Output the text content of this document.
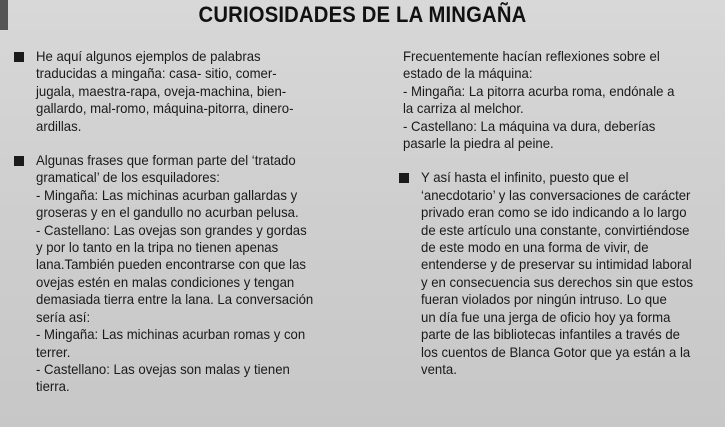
CURIOSIDADES DE LA MINGAÑA
He aquí algunos ejemplos de palabras
traducidas a mingaña: casa- sitio, comer-
jugala, maestra-rapa, oveja-machina, bien-
gallardo, mal-romo, máquina-pitorra, dinero-
ardillas.
Algunas frases que forman parte del ‘tratado
gramatical’ de los esquiladores:
- Mingaña: Las michinas acurban gallardas y
groseras y en el gandullo no acurban pelusa.
- Castellano: Las ovejas son grandes y gordas
y por lo tanto en la tripa no tienen apenas
lana.También pueden encontrarse con que las
ovejas estén en malas condiciones y tengan
demasiada tierra entre la lana. La conversación
sería así:
- Mingaña: Las michinas acurban romas y con
terrer.
- Castellano: Las ovejas son malas y tienen
tierra.
Frecuentemente hacían reflexiones sobre el
estado de la máquina:
- Mingaña: La pitorra acurba roma, endónale a
la carriza al melchor.
- Castellano: La máquina va dura, deberías
pasarle la piedra al peine.
Y así hasta el infinito, puesto que el
‘anecdotario’ y las conversaciones de carácter
privado eran como se ido indicando a lo largo
de este artículo una constante, convirtiéndose
de este modo en una forma de vivir, de
entenderse y de preservar su intimidad laboral
y en consecuencia sus derechos sin que estos
fueran violados por ningún intruso. Lo que
un día fue una jerga de oficio hoy ya forma
parte de las bibliotecas infantiles a través de
los cuentos de Blanca Gotor que ya están a la
venta.
